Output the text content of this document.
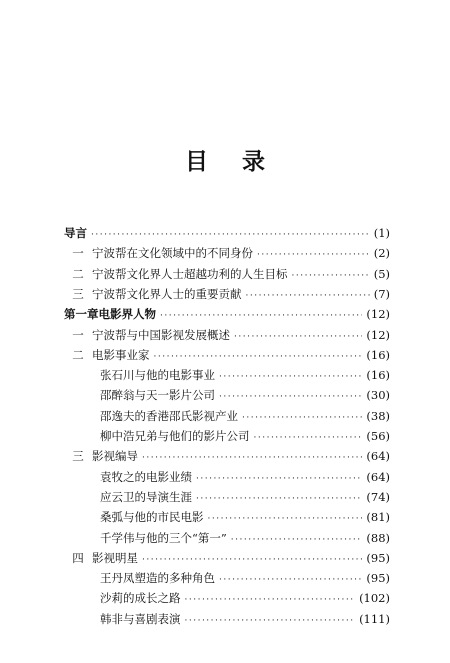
目 录
导言 ·····	(1)
一 宁波帮在文化领域中的不同身份 ·····	(2)
二 宁波帮文化界人士超越功利的人生目标 ·····	(5)
三 宁波帮文化界人士的重要贡献 ·····	(7)
第一章 电影界人物 ·····	(12)
一 宁波帮与中国影视发展概述 ·····	(12)
二 电影事业家 ·····	(16)
张石川与他的电影事业 ·····	(16)
邵醉翁与天一影片公司 ·····	(30)
邵逸夫的香港邵氏影视产业 ·····	(38)
柳中浩兄弟与他们的影片公司 ·····	(56)
三 影视编导 ·····	(64)
袁牧之的电影业绩 ·····	(64)
应云卫的导演生涯 ·····	(74)
桑弧与他的市民电影 ·····	(81)
千学伟与他的三个“第一” ·····	(88)
四 影视明星 ·····	(95)
王丹凤塑造的多种角色 ·····	(95)
沙莉的成长之路 ·····	(102)
韩非与喜剧表演 ·····	(111)
